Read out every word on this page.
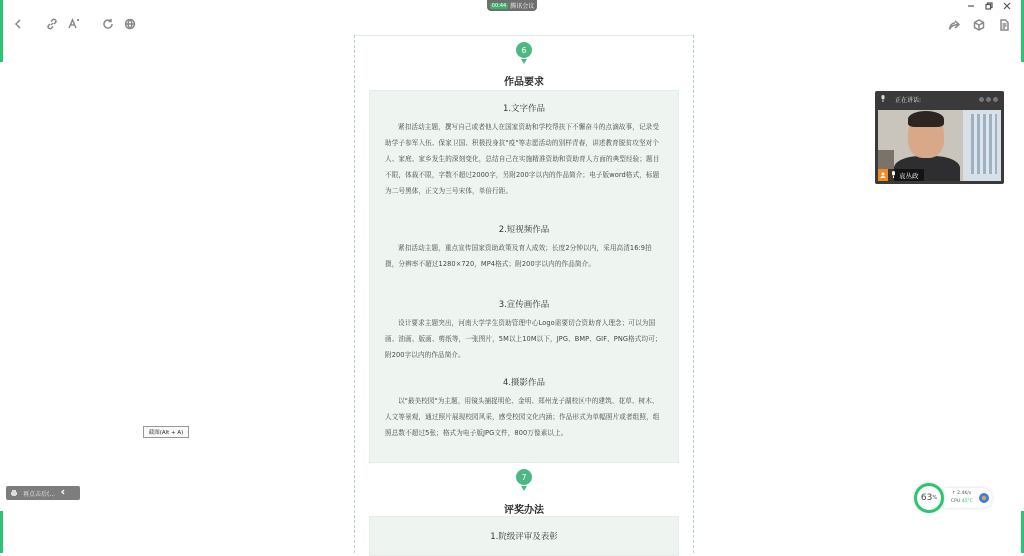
00:44 腾讯会议
6
作品要求
1.文字作品

紧扣活动主题，撰写自己或者他人在国家资助和学校帮扶下不懈奋斗的点滴故事，记录受助学子参军入伍、保家卫国、积极投身抗"疫"等志愿活动的别样青春，讲述教育脱贫攻坚对个人、家庭、家乡发生的深刻变化，总结自己在实施精准资助和资助育人方面的典型经验；题目不限，体裁不限，字数不超过2000字，另附200字以内的作品简介；电子版word格式，标题为二号黑体，正文为三号宋体，单倍行距。

2.短视频作品

紧扣活动主题，重点宣传国家资助政策及育人成效；长度2分钟以内，采用高清16:9拍摄，分辨率不超过1280×720，MP4格式；附200字以内的作品简介。

3.宣传画作品

设计要求主题突出，河南大学学生资助管理中心Logo需要切合资助育人理念；可以为国画、油画、版画、剪纸等，一张图片，5M以上10M以下，JPG、BMP、GIF、PNG格式均可；附200字以内的作品简介。

4.摄影作品

以"最美校园"为主题，用镜头捕捉明伦、金明、郑州龙子湖校区中的建筑、花草、树木、人文等景观，通过照片展现校园风采，感受校园文化内涵；作品形式为单幅照片或者组照，组照总数不超过5张；格式为电子版JPG文件，800万像素以上。

7
评奖办法
1.院级评审及表彰
截图(Alt + A)
再点击后(...
正在讲话:
袁丛政
↑ 2.4K/s
CPU 45°C
63 %
